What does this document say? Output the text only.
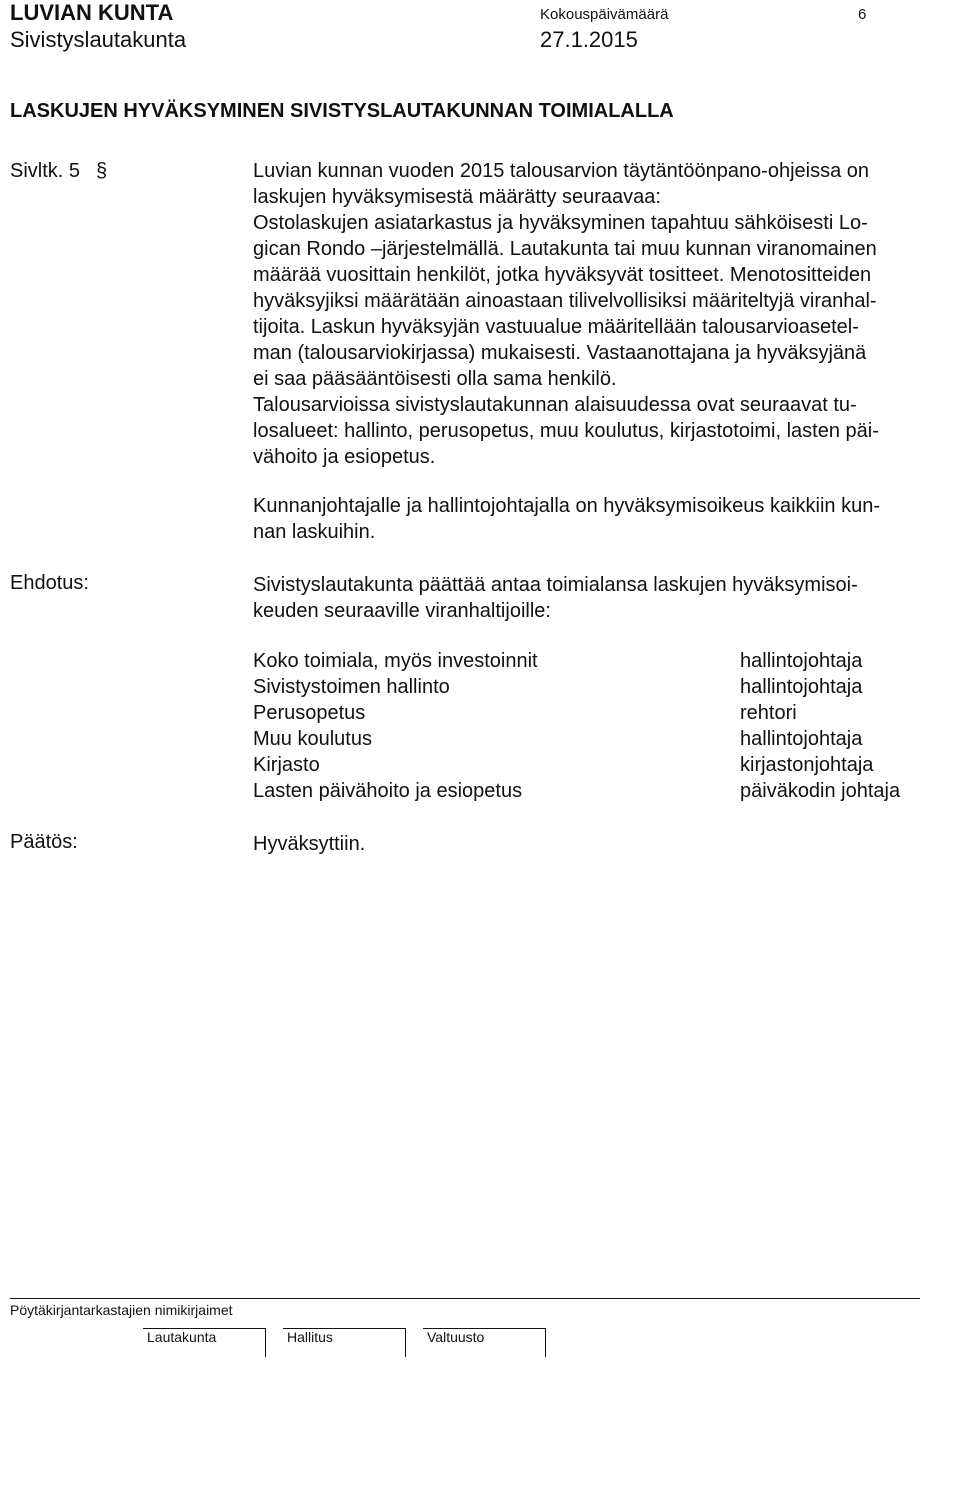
LUVIAN KUNTA
Sivistyslautakunta
Kokouspäivämäärä
27.1.2015
6
LASKUJEN HYVÄKSYMINEN SIVISTYSLAUTAKUNNAN TOIMIALALLA
Sivltk. 5 §	Luvian kunnan vuoden 2015 talousarvion täytäntöönpano-ohjeissa on
laskujen hyväksymisestä määrätty seuraavaa:
Ostolaskujen asiatarkastus ja hyväksyminen tapahtuu sähköisesti Lo-
gican Rondo –järjestelmällä. Lautakunta tai muu kunnan viranomainen
määrää vuosittain henkilöt, jotka hyväksyvät tositteet. Menotositteiden
hyväksyjiksi määrätään ainoastaan tilivelvollisiksi määriteltyjä viranhal-
tijoita. Laskun hyväksyjän vastuualue määritellään talousarvioasetel-
man (talousarviokirjassa) mukaisesti. Vastaanottajana ja hyväksyjänä
ei saa pääsääntöisesti olla sama henkilö.
Talousarvioissa sivistyslautakunnan alaisuudessa ovat seuraavat tu-
losalueet: hallinto, perusopetus, muu koulutus, kirjastotoimi, lasten päi-
vähoito ja esiopetus.
Kunnanjohtajalle ja hallintojohtajalla on hyväksymisoikeus kaikkiin kun-
nan laskuihin.
Ehdotus:	Sivistyslautakunta päättää antaa toimialansa laskujen hyväksymisoi-
keuden seuraaville viranhaltijoille:
Koko toimiala, myös investoinnit	hallintojohtaja
Sivistystoimen hallinto	hallintojohtaja
Perusopetus	rehtori
Muu koulutus	hallintojohtaja
Kirjasto	kirjastonjohtaja
Lasten päivähoito ja esiopetus	päiväkodin johtaja
Päätös:	Hyväksyttiin.
Pöytäkirjantarkastajien nimikirjaimet
Lautakunta	Hallitus	Valtuusto
